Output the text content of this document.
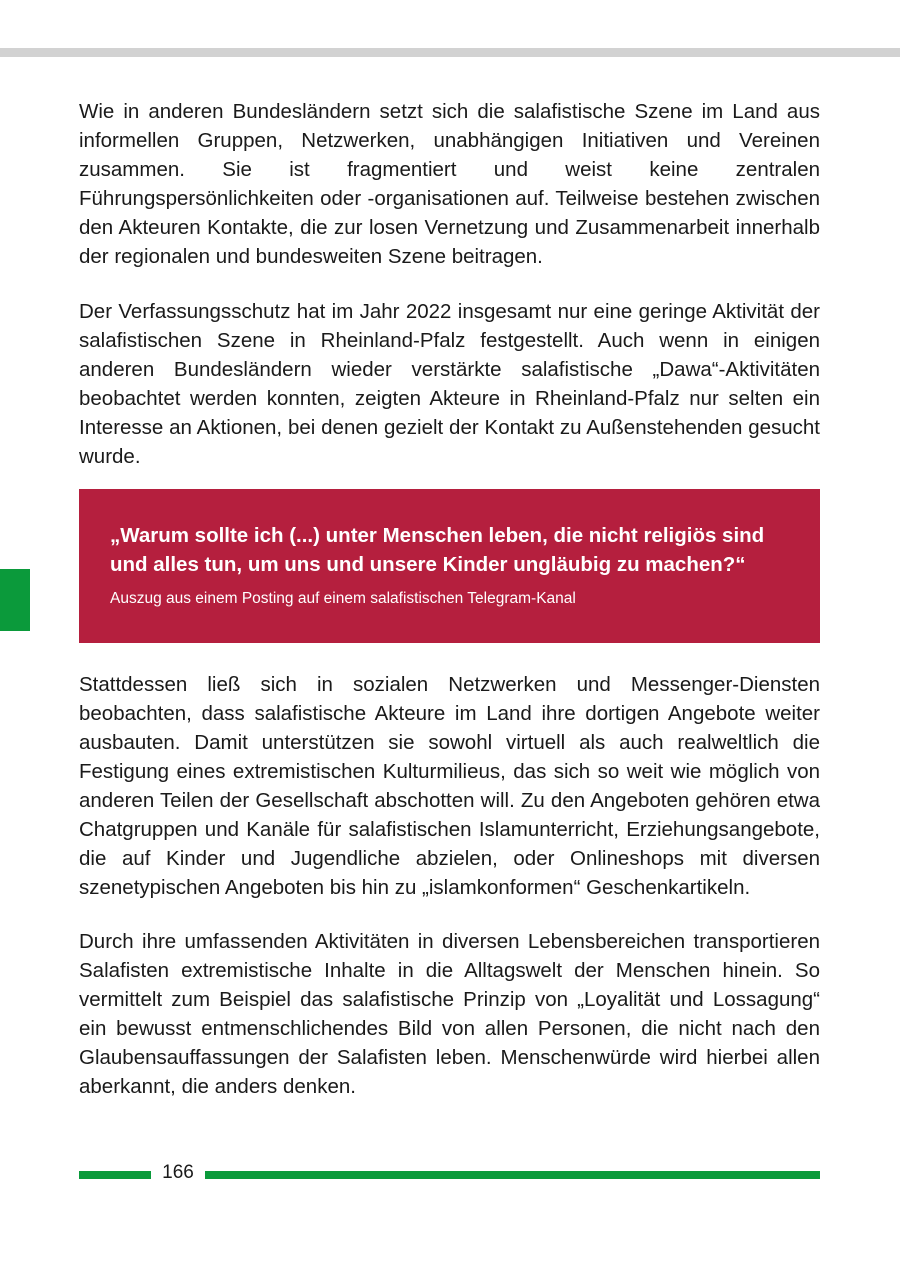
Wie in anderen Bundesländern setzt sich die salafistische Szene im Land aus informellen Gruppen, Netzwerken, unabhängigen Initiativen und Vereinen zusammen. Sie ist fragmentiert und weist keine zentralen Führungspersönlichkeiten oder -organisationen auf. Teilweise bestehen zwischen den Akteuren Kontakte, die zur losen Vernetzung und Zusammenarbeit innerhalb der regionalen und bundesweiten Szene beitragen.

Der Verfassungsschutz hat im Jahr 2022 insgesamt nur eine geringe Aktivität der salafistischen Szene in Rheinland-Pfalz festgestellt. Auch wenn in einigen anderen Bundesländern wieder verstärkte salafistische „Dawa“-Aktivitäten beobachtet werden konnten, zeigten Akteure in Rheinland-Pfalz nur selten ein Interesse an Aktionen, bei denen gezielt der Kontakt zu Außenstehenden gesucht wurde.

„Warum sollte ich (...) unter Menschen leben, die nicht religiös sind und alles tun, um uns und unsere Kinder ungläubig zu machen?“

Auszug aus einem Posting auf einem salafistischen Telegram-Kanal

Stattdessen ließ sich in sozialen Netzwerken und Messenger-Diensten beobachten, dass salafistische Akteure im Land ihre dortigen Angebote weiter ausbauten. Damit unterstützen sie sowohl virtuell als auch realweltlich die Festigung eines extremistischen Kulturmilieus, das sich so weit wie möglich von anderen Teilen der Gesellschaft abschotten will. Zu den Angeboten gehören etwa Chatgruppen und Kanäle für salafistischen Islamunterricht, Erziehungsangebote, die auf Kinder und Jugendliche abzielen, oder Onlineshops mit diversen szenetypischen Angeboten bis hin zu „islamkonformen“ Geschenkartikeln.

Durch ihre umfassenden Aktivitäten in diversen Lebensbereichen transportieren Salafisten extremistische Inhalte in die Alltagswelt der Menschen hinein. So vermittelt zum Beispiel das salafistische Prinzip von „Loyalität und Lossagung“ ein bewusst entmenschlichendes Bild von allen Personen, die nicht nach den Glaubensauffassungen der Salafisten leben. Menschenwürde wird hierbei allen aberkannt, die anders denken.

166
